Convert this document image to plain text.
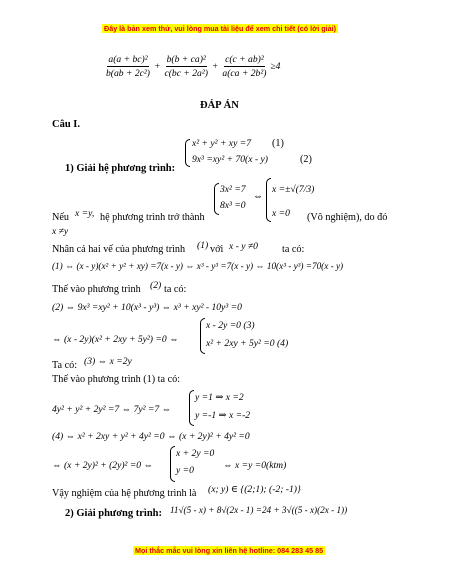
Đây là bản xem thử, vui lòng mua tài liệu để xem chi tiết (có lời giải)
$\frac{\text{a(a + bc)²}}{\text{b(ab + 2c²)}} + \frac{\text{b(b + ca)²}}{\text{c(bc + 2a²)}} + \frac{\text{c(c + ab)²}}{\text{a(ca + 2b²)}} \ge 4$
ĐÁP ÁN
Câu I.
x² + y² + xy =7 (1)
9x³ =xy² + 70(x - y)	(2)
1) Giải hệ phương trình:
3x² =7
8x³ =0
⇔
x =±√(7/3)
x =0
Nếu x =y, hệ phương trình trở thành	(Vô nghiệm), do đó
x ≠y
Nhân cả hai vế của phương trình (1) với x - y ≠0 ta có:
(1) ⇔ (x - y)(x² + y² + xy) =7(x - y) ⇔ x³ - y³ =7(x - y) ⇔ 10(x³ - y³) =70(x - y)
Thế vào phương trình (2) ta có:
(2) ⇔ 9x³ =xy² + 10(x³ - y³) ⇔ x³ + xy² - 10y³ =0
⇔ (x - 2y)(x² + 2xy + 5y²) =0 ⇔
x - 2y =0 (3)
x² + 2xy + 5y² =0 (4)
Ta có: (3) ⇔ x =2y
Thế vào phương trình (1) ta có:
4y² + y² + 2y² =7 ⇔ 7y² =7 ⇔
y =1 ⇒ x =2
y =-1 ⇒ x =-2
(4) ⇔ x² + 2xy + y² + 4y² =0 ⇔ (x + 2y)² + 4y² =0
⇔ (x + 2y)² + (2y)² =0 ⇔
x + 2y =0
y =0	⇔ x =y =0(ktm)
Vậy nghiệm của hệ phương trình là (x; y) ∈ {(2;1); (-2; -1)}
2) Giải phương trình: 11√(5 - x) + 8√(2x - 1) =24 + 3√((5 - x)(2x - 1))
Mọi thắc mắc vui lòng xin liên hệ hotline: 084 283 45 85
